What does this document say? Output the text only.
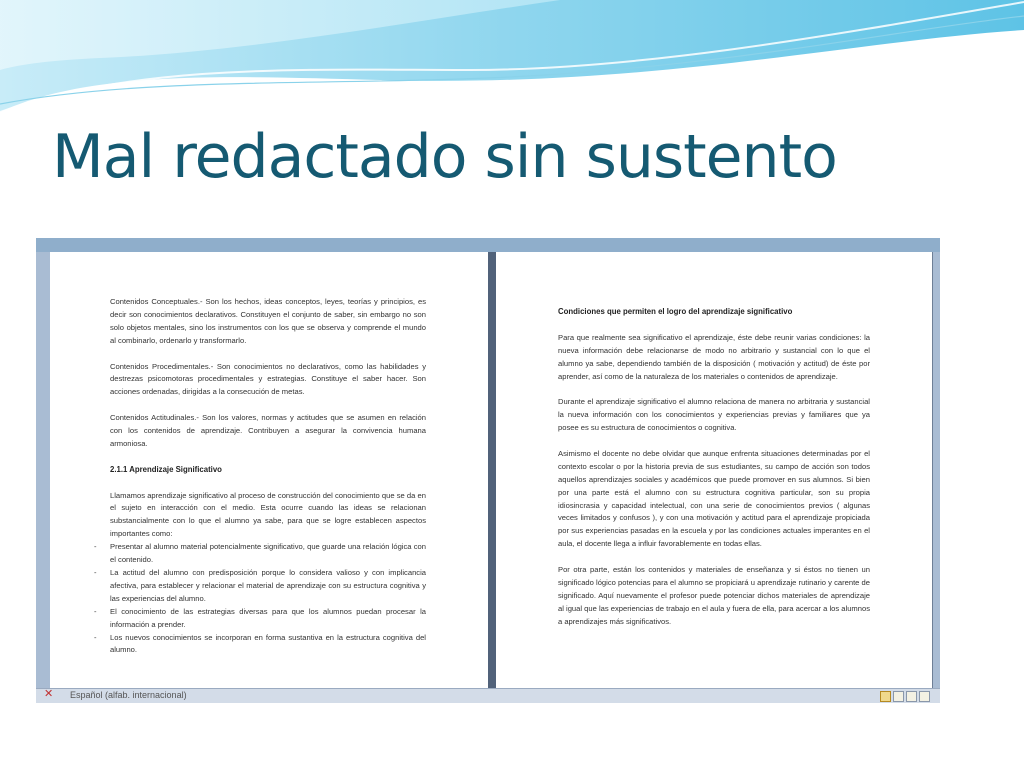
Mal redactado sin sustento

Contenidos Conceptuales.- Son los hechos, ideas conceptos, leyes, teorías y principios, es decir son conocimientos declarativos. Constituyen el conjunto de saber, sin embargo no son solo objetos mentales, sino los instrumentos con los que se observa y comprende el mundo al combinarlo, ordenarlo y transformarlo.

Contenidos Procedimentales.- Son conocimientos no declarativos, como las habilidades y destrezas psicomotoras procedimentales y estrategias. Constituye el saber hacer. Son acciones ordenadas, dirigidas a la consecución de metas.

Contenidos Actitudinales.- Son los valores, normas y actitudes que se asumen en relación con los contenidos de aprendizaje. Contribuyen a asegurar la convivencia humana armoniosa.

2.1.1 Aprendizaje Significativo

Llamamos aprendizaje significativo al proceso de construcción del conocimiento que se da en el sujeto en interacción con el medio. Esta ocurre cuando las ideas se relacionan substancialmente con lo que el alumno ya sabe, para que se logre establecen aspectos importantes como:

- Presentar al alumno material potencialmente significativo, que guarde una relación lógica con el contenido.
- La actitud del alumno con predisposición porque lo considera valioso y con implicancia afectiva, para establecer y relacionar el material de aprendizaje con su estructura cognitiva y las experiencias del alumno.
- El conocimiento de las estrategias diversas para que los alumnos puedan procesar la información a prender.
- Los nuevos conocimientos se incorporan en forma sustantiva en la estructura cognitiva del alumno.
Condiciones que permiten el logro del aprendizaje significativo

Para que realmente sea significativo el aprendizaje, éste debe reunir varias condiciones: la nueva información debe relacionarse de modo no arbitrario y sustancial con lo que el alumno ya sabe, dependiendo también de la disposición ( motivación y actitud) de éste por aprender, así como de la naturaleza de los materiales o contenidos de aprendizaje.

Durante el aprendizaje significativo el alumno relaciona de manera no arbitraria y sustancial la nueva información con los conocimientos y experiencias previas y familiares que ya posee es su estructura de conocimientos o cognitiva.

Asimismo el docente no debe olvidar que aunque enfrenta situaciones determinadas por el contexto escolar o por la historia previa de sus estudiantes, su campo de acción son todos aquellos aprendizajes sociales y académicos que puede promover en sus alumnos. Si bien por una parte está el alumno con su estructura cognitiva particular, son su propia idiosincrasia y capacidad intelectual, con una serie de conocimientos previos ( algunas veces limitados y confusos ), y con una motivación y actitud para el aprendizaje propiciada por sus experiencias pasadas en la escuela y por las condiciones actuales imperantes en el aula, el docente llega a influir favorablemente en todas ellas.

Por otra parte, están los contenidos y materiales de enseñanza y si éstos no tienen un significado lógico potencias para el alumno se propiciará u aprendizaje rutinario y carente de significado. Aquí nuevamente el profesor puede potenciar dichos materiales de aprendizaje al igual que las experiencias de trabajo en el aula y fuera de ella, para acercar a los alumnos a aprendizajes más significativos.

✕ Español (alfab. internacional)
